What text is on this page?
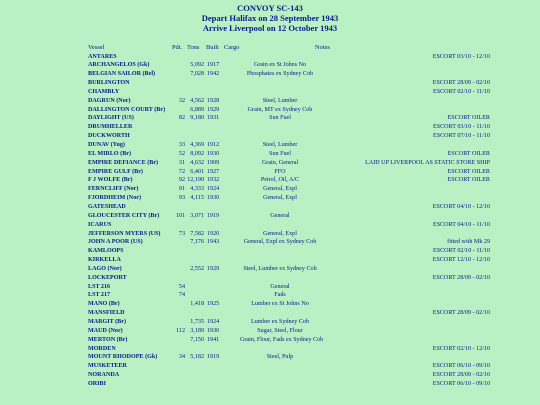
CONVOY SC-143
Depart Halifax on 28 September 1943
Arrive Liverpool on 12 October 1943
Vessel	Pdt. Tons Built Cargo	Notes
ANTARES	ESCORT 03/10 - 12/10
ARCHANGELOS (Gk)	5,092 1917	Grain ex St Johns No
BELGIAN SAILOR (Bel)	7,028 1942	Phosphates ex Sydney Cob
BURLINGTON	ESCORT 28/09 - 02/10
CHAMBLY	ESCORT 02/10 - 11/10
DAGRUN (Nor)	32 4,562 1928	Steel, Lumber
DALLINGTON COURT (Br)	6,889 1929	Grain, MT ex Sydney Cob
DAYLIGHT (US)	82 9,180 1931	Sun Fuel	ESCORT OILER
DRUMHELLER	ESCORT 03/10 - 11/10
DUCKWORTH	ESCORT 07/10 - 11/10
DUNAV (Yug)	33 4,369 1912	Steel, Lumber
EL MIRLO (Br)	52 8,092 1930	Sun Fuel	ESCORT OILER
EMPIRE DEFIANCE (Br)	31 4,632 1909	Grain, General	LAID UP LIVERPOOL AS STATIC STORE SHIP
EMPIRE GULF (Br)	72 6,401 1927	FFO	ESCORT OILER
F J WOLFE (Br)	92 12,190 1932	Petrol, Oil, A/C	ESCORT OILER
FERNCLIFF (Nor)	91 4,333 1924	General, Expl
FJORDHEIM (Nor)	93 4,115 1930	General, Expl
GATESHEAD	ESCORT 04/10 - 12/10
GLOUCESTER CITY (Br)	101 3,071 1919	General
ICARUS	ESCORT 04/10 - 11/10
JEFFERSON MYERS (US)	73 7,582 1920	General, Expl
JOHN A POOR (US)	7,176 1943	General, Expl ex Sydney Cob	fitted with Mk 29
KAMLOOPS	ESCORT 02/10 - 11/10
KIRKELLA	ESCORT 12/10 - 12/10
LAGO (Nor)	2,552 1929	Steel, Lumber ex Sydney Cob
LOCKEPORT	ESCORT 28/09 - 02/10
LST 216	54	General
LST 217	74	Fads
MANO (Br)	1,418 1925	Lumber ex St Johns No
MANSFIELD	ESCORT 28/09 - 02/10
MARGIT (Br)	1,735 1924	Lumber ex Sydney Cob
MAUD (Nor)	112 3,189 1930	Sugar, Steel, Flour
MERTON (Br)	7,150 1941	Grain, Flour, Fads ex Sydney Cob
MORDEN	ESCORT 02/10 - 12/10
MOUNT RHODOPE (Gk)	34 5,182 1919	Steel, Pulp
MUSKETEER	ESCORT 06/10 - 09/10
NORANDA	ESCORT 28/09 - 02/10
ORIBI	ESCORT 06/10 - 09/10
